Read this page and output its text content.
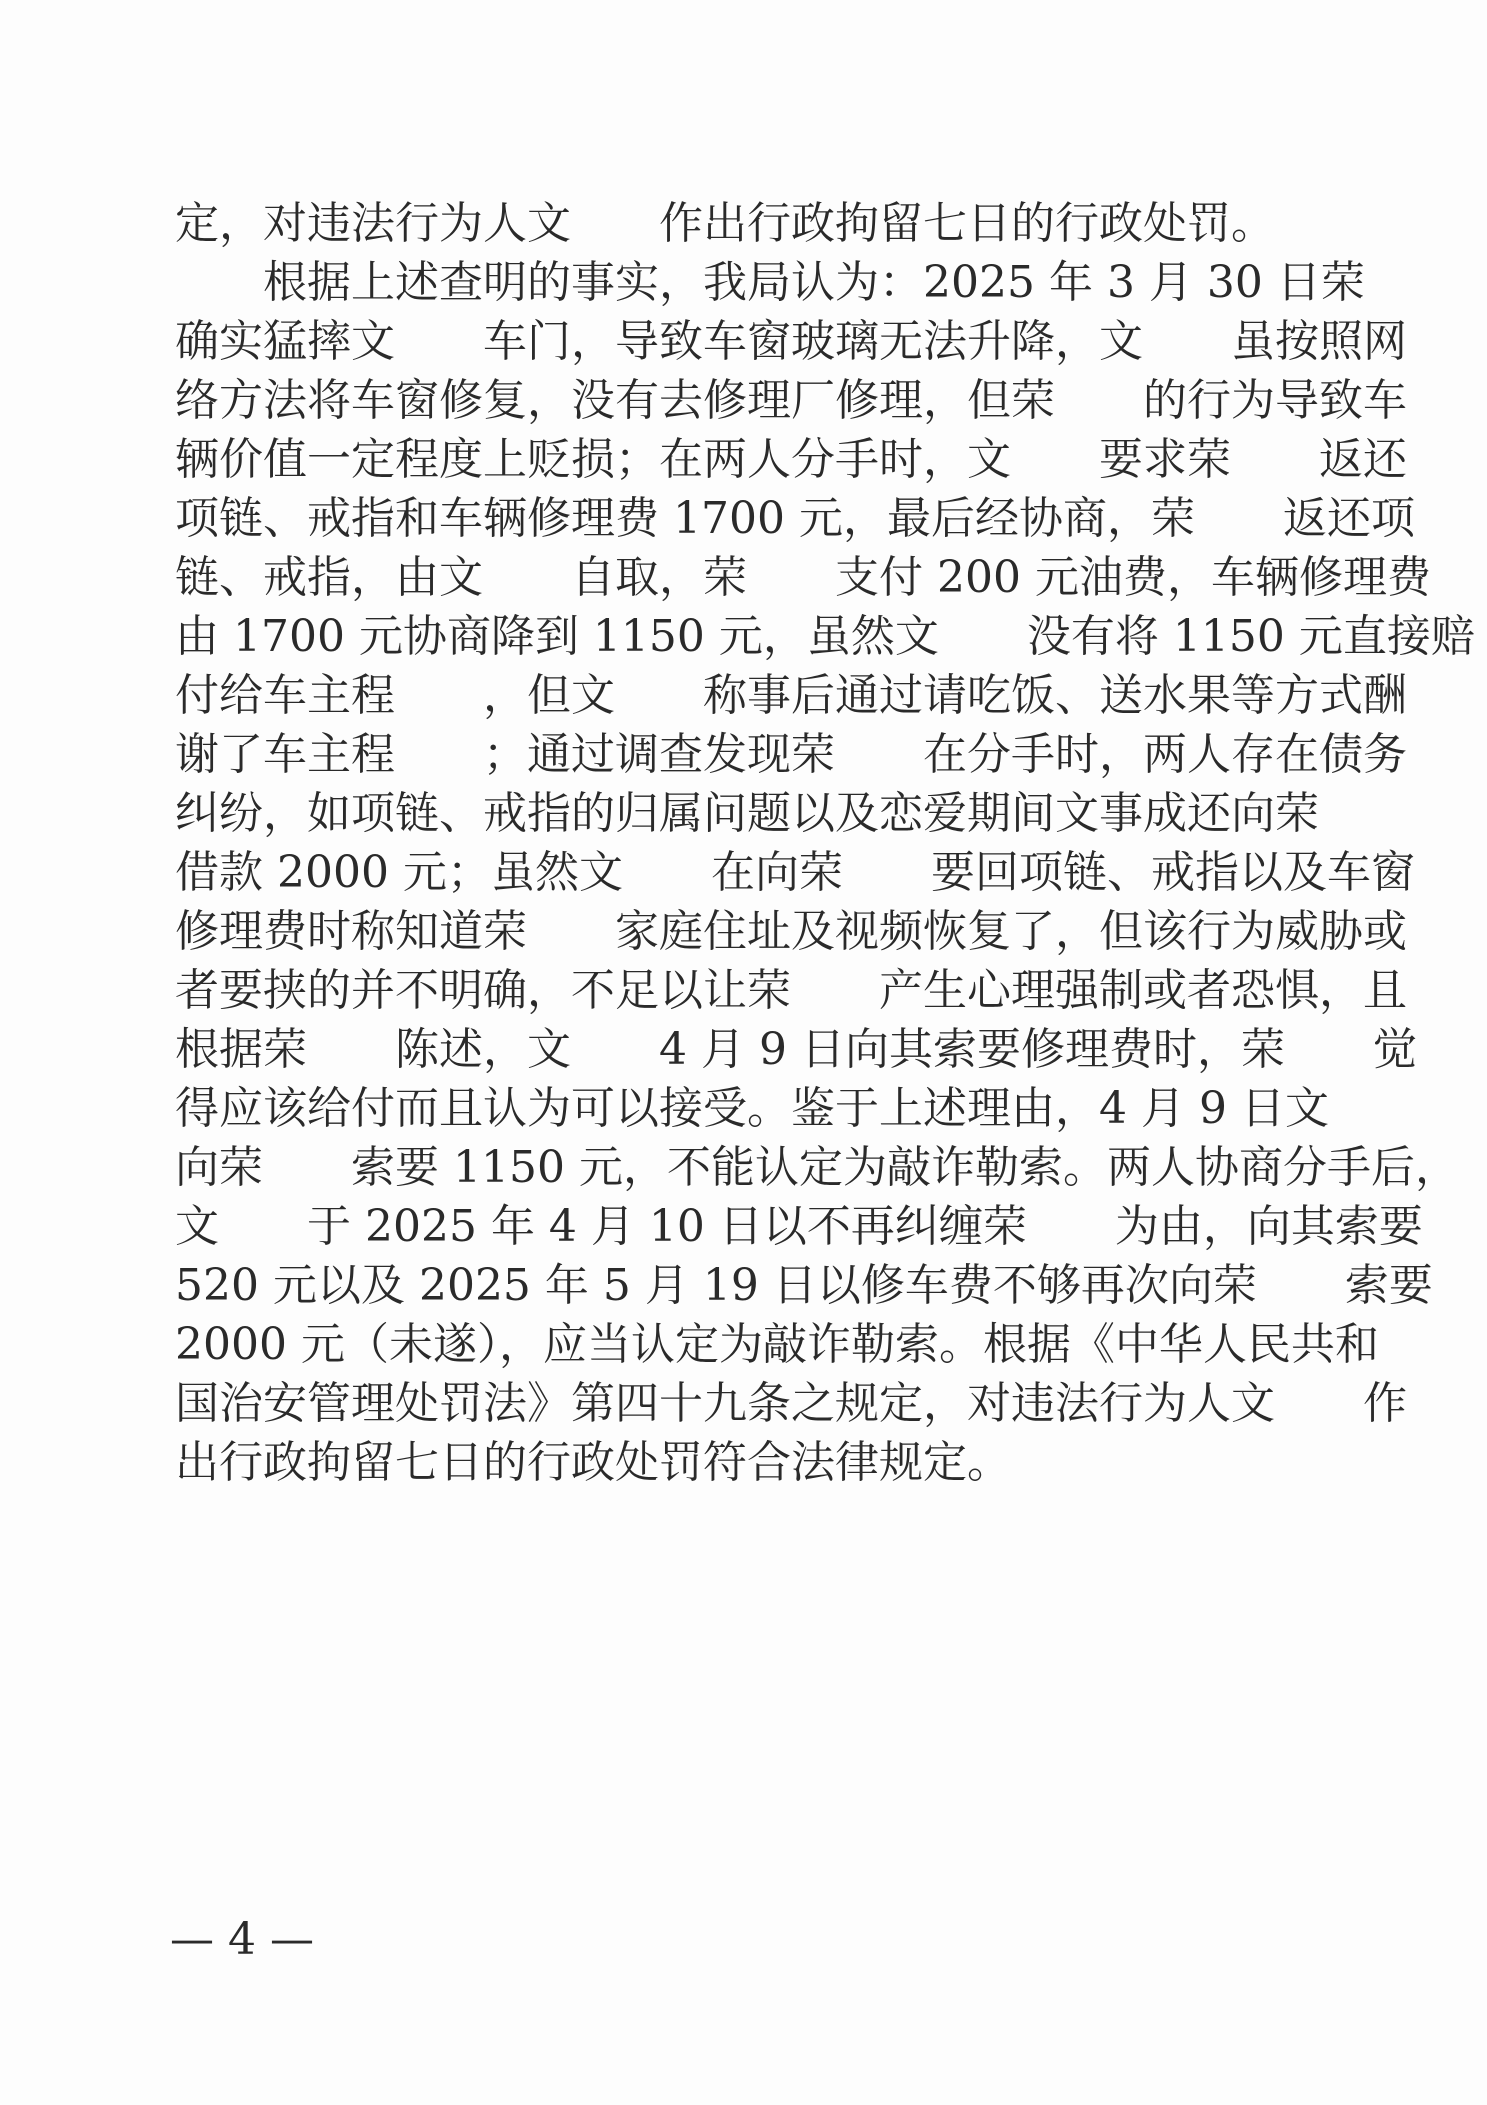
定，对违法行为人文　　作出行政拘留七日的行政处罚。
　　根据上述查明的事实，我局认为：2025 年 3 月 30 日荣
确实猛摔文　　车门，导致车窗玻璃无法升降，文　　虽按照网
络方法将车窗修复，没有去修理厂修理，但荣　　的行为导致车
辆价值一定程度上贬损；在两人分手时，文　　要求荣　　返还
项链、戒指和车辆修理费 1700 元，最后经协商，荣　　返还项
链、戒指，由文　　自取，荣　　支付 200 元油费，车辆修理费
由 1700 元协商降到 1150 元，虽然文　　没有将 1150 元直接赔
付给车主程　　，但文　　称事后通过请吃饭、送水果等方式酬
谢了车主程　　；通过调查发现荣　　在分手时，两人存在债务
纠纷，如项链、戒指的归属问题以及恋爱期间文事成还向荣
借款 2000 元；虽然文　　在向荣　　要回项链、戒指以及车窗
修理费时称知道荣　　家庭住址及视频恢复了，但该行为威胁或
者要挟的并不明确，不足以让荣　　产生心理强制或者恐惧，且
根据荣　　陈述，文　　4 月 9 日向其索要修理费时，荣　　觉
得应该给付而且认为可以接受。鉴于上述理由，4 月 9 日文
向荣　　索要 1150 元，不能认定为敲诈勒索。两人协商分手后，
文　　于 2025 年 4 月 10 日以不再纠缠荣　　为由，向其索要
520 元以及 2025 年 5 月 19 日以修车费不够再次向荣　　索要
2000 元（未遂），应当认定为敲诈勒索。根据《中华人民共和
国治安管理处罚法》第四十九条之规定，对违法行为人文　　作
出行政拘留七日的行政处罚符合法律规定。
— 4 —
